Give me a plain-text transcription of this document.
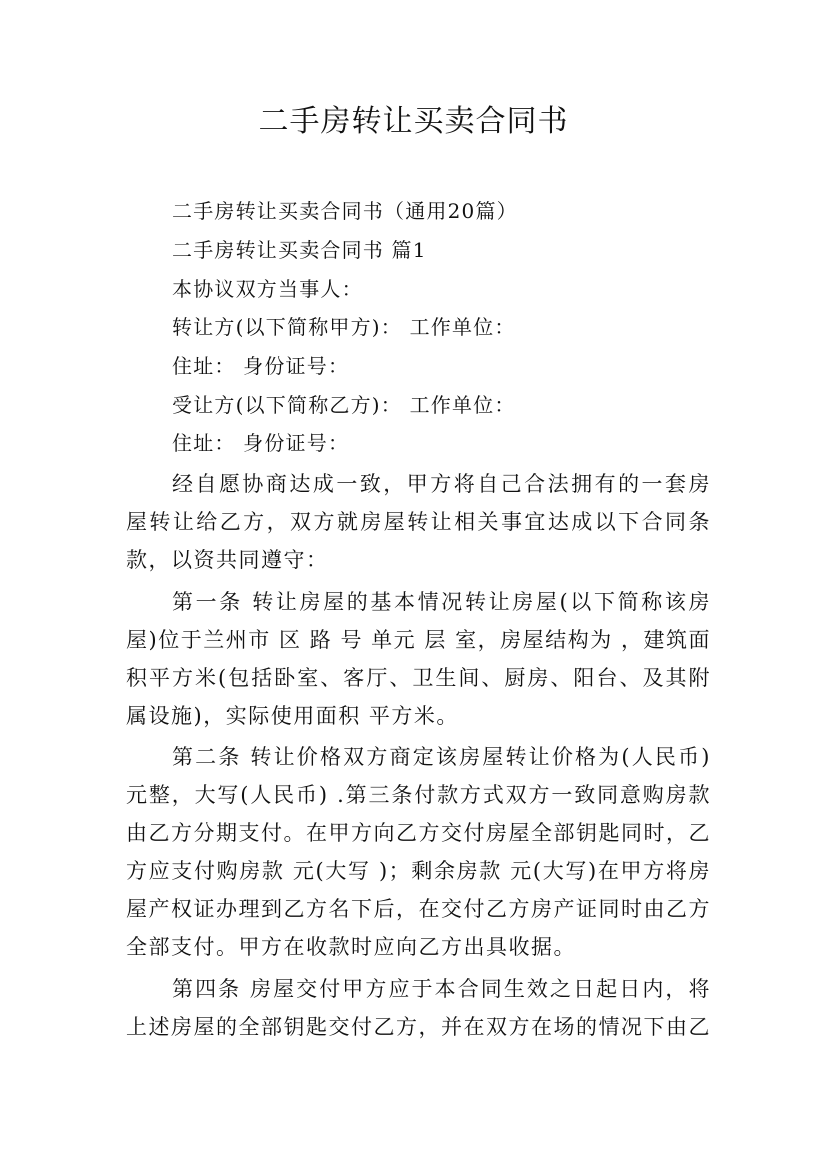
二手房转让买卖合同书
二手房转让买卖合同书（通用20篇）
二手房转让买卖合同书 篇1
本协议双方当事人：
转让方(以下简称甲方)： 工作单位：
住址： 身份证号：
受让方(以下简称乙方)： 工作单位：
住址： 身份证号：
经自愿协商达成一致，甲方将自己合法拥有的一套房屋转让给乙方，双方就房屋转让相关事宜达成以下合同条款，以资共同遵守：
第一条 转让房屋的基本情况转让房屋(以下简称该房屋)位于兰州市 区 路 号 单元 层 室，房屋结构为 ，建筑面积平方米(包括卧室、客厅、卫生间、厨房、阳台、及其附属设施)，实际使用面积 平方米。
第二条 转让价格双方商定该房屋转让价格为(人民币)元整，大写(人民币) .第三条付款方式双方一致同意购房款由乙方分期支付。在甲方向乙方交付房屋全部钥匙同时，乙方应支付购房款 元(大写 )；剩余房款 元(大写)在甲方将房屋产权证办理到乙方名下后，在交付乙方房产证同时由乙方全部支付。甲方在收款时应向乙方出具收据。
第四条 房屋交付甲方应于本合同生效之日起日内，将上述房屋的全部钥匙交付乙方，并在双方在场的情况下由乙
